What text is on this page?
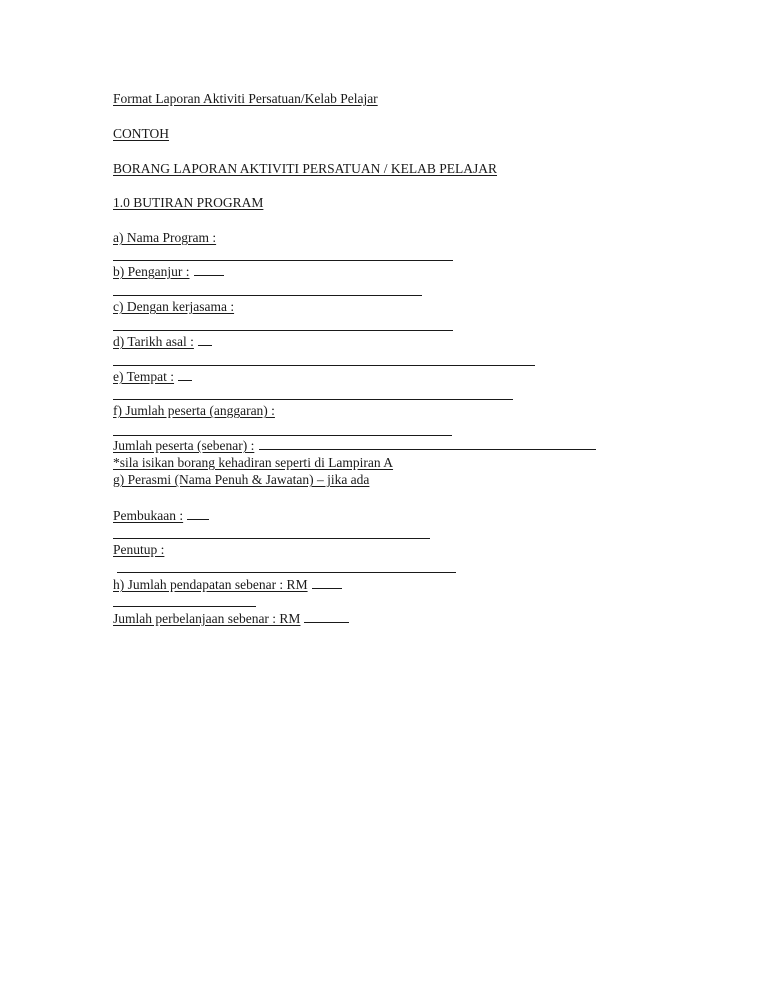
Format Laporan Aktiviti Persatuan/Kelab Pelajar
CONTOH
BORANG LAPORAN AKTIVITI PERSATUAN / KELAB PELAJAR
1.0 BUTIRAN PROGRAM
a) Nama Program :
b) Penganjur :
c) Dengan kerjasama :
d) Tarikh asal :
e) Tempat :
f) Jumlah peserta (anggaran) :
Jumlah peserta (sebenar) :
*sila isikan borang kehadiran seperti di Lampiran A
g) Perasmi (Nama Penuh & Jawatan) – jika ada
Pembukaan :
Penutup :
h) Jumlah pendapatan sebenar : RM
Jumlah perbelanjaan sebenar : RM
